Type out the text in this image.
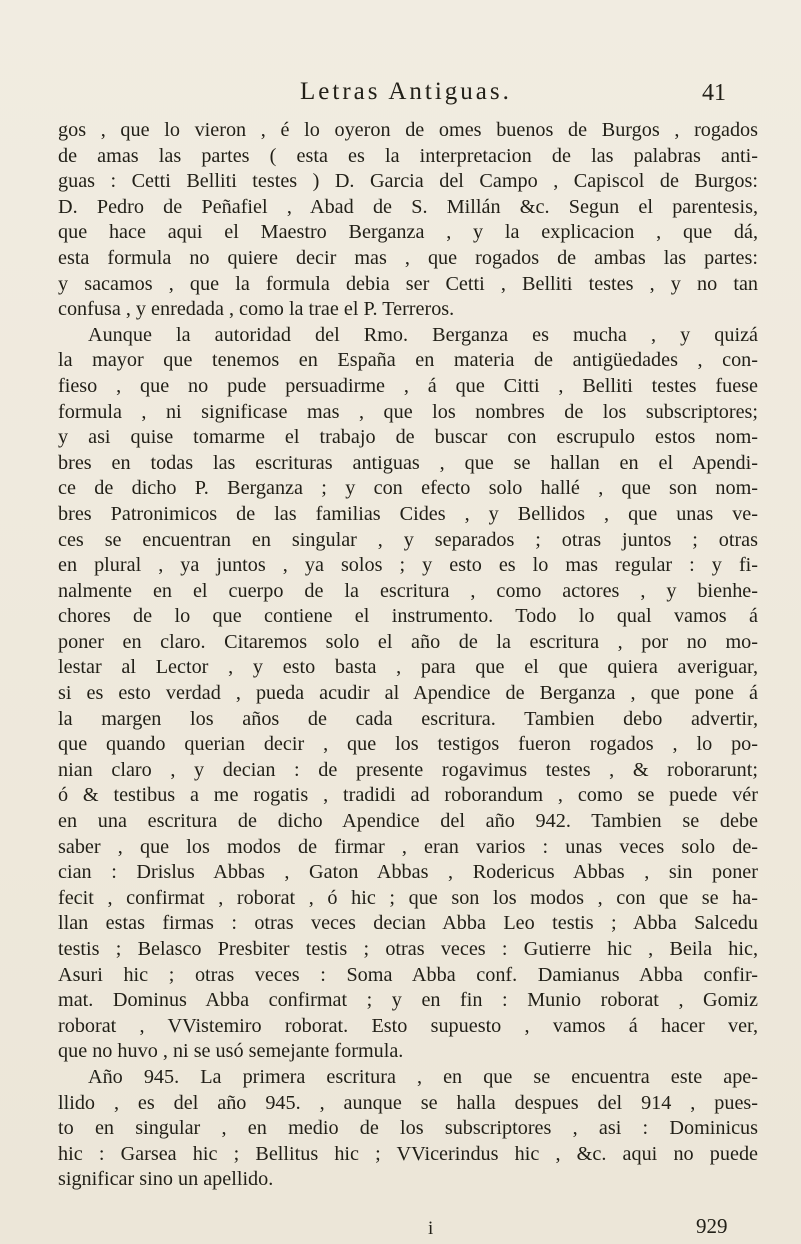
Letras Antiguas.	41
gos , que lo vieron , é lo oyeron de omes buenos de Burgos , rogados
de amas las partes ( esta es la interpretacion de las palabras anti-
guas : Cetti Belliti testes ) D. Garcia del Campo , Capiscol de Burgos:
D. Pedro de Peñafiel , Abad de S. Millán &c. Segun el parentesis,
que hace aqui el Maestro Berganza , y la explicacion , que dá,
esta formula no quiere decir mas , que rogados de ambas las partes:
y sacamos , que la formula debia ser Cetti , Belliti testes , y no tan
confusa , y enredada , como la trae el P. Terreros.
Aunque la autoridad del Rmo. Berganza es mucha , y quizá
la mayor que tenemos en España en materia de antigüedades , con-
fieso , que no pude persuadirme , á que Citti , Belliti testes fuese
formula , ni significase mas , que los nombres de los subscriptores;
y asi quise tomarme el trabajo de buscar con escrupulo estos nom-
bres en todas las escrituras antiguas , que se hallan en el Apendi-
ce de dicho P. Berganza ; y con efecto solo hallé , que son nom-
bres Patronimicos de las familias Cides , y Bellidos , que unas ve-
ces se encuentran en singular , y separados ; otras juntos ; otras
en plural , ya juntos , ya solos ; y esto es lo mas regular : y fi-
nalmente en el cuerpo de la escritura , como actores , y bienhe-
chores de lo que contiene el instrumento. Todo lo qual vamos á
poner en claro. Citaremos solo el año de la escritura , por no mo-
lestar al Lector , y esto basta , para que el que quiera averiguar,
si es esto verdad , pueda acudir al Apendice de Berganza , que pone á
la margen los años de cada escritura. Tambien debo advertir,
que quando querian decir , que los testigos fueron rogados , lo po-
nian claro , y decian : de presente rogavimus testes , & roborarunt;
ó & testibus a me rogatis , tradidi ad roborandum , como se puede vér
en una escritura de dicho Apendice del año 942. Tambien se debe
saber , que los modos de firmar , eran varios : unas veces solo de-
cian : Drislus Abbas , Gaton Abbas , Rodericus Abbas , sin poner
fecit , confirmat , roborat , ó hic ; que son los modos , con que se ha-
llan estas firmas : otras veces decian Abba Leo testis ; Abba Salcedu
testis ; Belasco Presbiter testis ; otras veces : Gutierre hic , Beila hic,
Asuri hic ; otras veces : Soma Abba conf. Damianus Abba confir-
mat. Dominus Abba confirmat ; y en fin : Munio roborat , Gomiz
roborat , VVistemiro roborat. Esto supuesto , vamos á hacer ver,
que no huvo , ni se usó semejante formula.
Año 945. La primera escritura , en que se encuentra este ape-
llido , es del año 945. , aunque se halla despues del 914 , pues-
to en singular , en medio de los subscriptores , asi : Dominicus
hic : Garsea hic ; Bellitus hic ; VVicerindus hic , &c. aqui no puede
significar sino un apellido.
i	929
